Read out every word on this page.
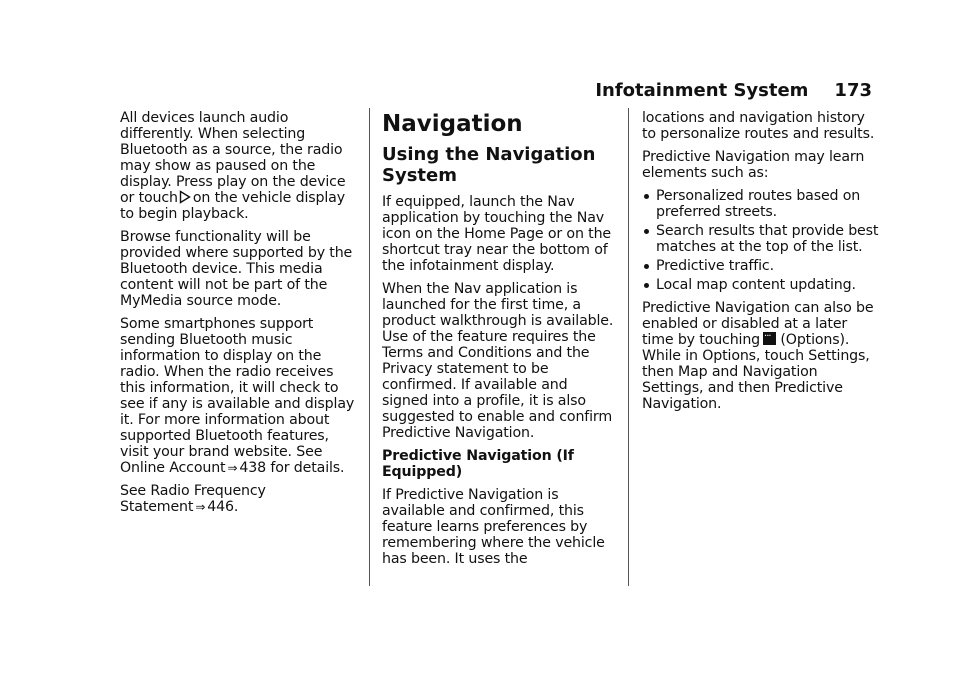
Infotainment System 173

All devices launch audio differently. When selecting Bluetooth as a source, the radio may show as paused on the display. Press play on the device or touch on the vehicle display to begin playback.

Browse functionality will be provided where supported by the Bluetooth device. This media content will not be part of the MyMedia source mode.

Some smartphones support sending Bluetooth music information to display on the radio. When the radio receives this information, it will check to see if any is available and display it. For more information about supported Bluetooth features, visit your brand website. See Online Account ⇒ 438 for details.

See Radio Frequency Statement ⇒ 446.

Navigation
Using the Navigation System

If equipped, launch the Nav application by touching the Nav icon on the Home Page or on the shortcut tray near the bottom of the infotainment display.

When the Nav application is launched for the first time, a product walkthrough is available. Use of the feature requires the Terms and Conditions and the Privacy statement to be confirmed. If available and signed into a profile, it is also suggested to enable and confirm Predictive Navigation.

Predictive Navigation (If Equipped)

If Predictive Navigation is available and confirmed, this feature learns preferences by remembering where the vehicle has been. It uses the

locations and navigation history to personalize routes and results.

Predictive Navigation may learn elements such as:

Personalized routes based on preferred streets.
Search results that provide best matches at the top of the list.
Predictive traffic.
Local map content updating.

Predictive Navigation can also be enabled or disabled at a later time by touching··· (Options). While in Options, touch Settings, then Map and Navigation Settings, and then Predictive Navigation.
